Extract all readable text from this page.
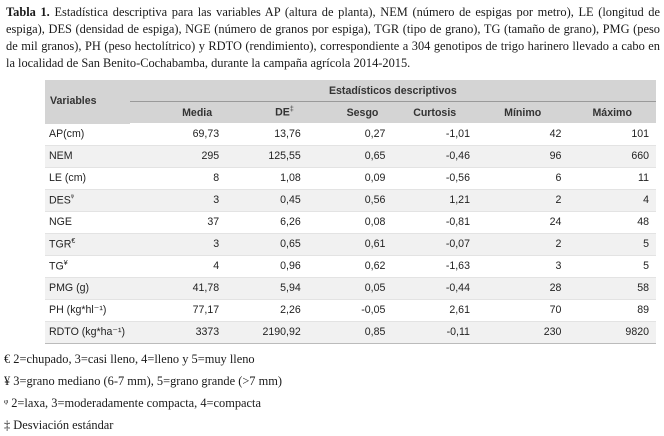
Tabla 1. Estadística descriptiva para las variables AP (altura de planta), NEM (número de espigas por metro), LE (longitud de espiga), DES (densidad de espiga), NGE (número de granos por espiga), TGR (tipo de grano), TG (tamaño de grano), PMG (peso de mil granos), PH (peso hectolítrico) y RDTO (rendimiento), correspondiente a 304 genotipos de trigo harinero llevado a cabo en la localidad de San Benito-Cochabamba, durante la campaña agrícola 2014-2015.
Variables	Estadísticos descriptivos					
	Media	DE‡	Sesgo	Curtosis	Mínimo	Máximo
AP(cm)	69,73	13,76	0,27	-1,01	42	101
NEM	295	125,55	0,65	-0,46	96	660
LE (cm)	8	1,08	0,09	-0,56	6	11
$DES^ᵠ$	3	0,45	0,56	1,21	2	4
NGE	37	6,26	0,08	-0,81	24	48
TGR€	3	0,65	0,61	-0,07	2	5
TG¥	4	0,96	0,62	-1,63	3	5
PMG (g)	41,78	5,94	0,05	-0,44	28	58
PH (kg*hl⁻¹)	77,17	2,26	-0,05	2,61	70	89
RDTO (kg*ha⁻¹)	3373	2190,92	0,85	-0,11	230	9820
€ 2=chupado, 3=casi lleno, 4=lleno y 5=muy lleno
¥ 3=grano mediano (6-7 mm), 5=grano grande (>7 mm)
ᵠ 2=laxa, 3=moderadamente compacta, 4=compacta
‡ Desviación estándar
